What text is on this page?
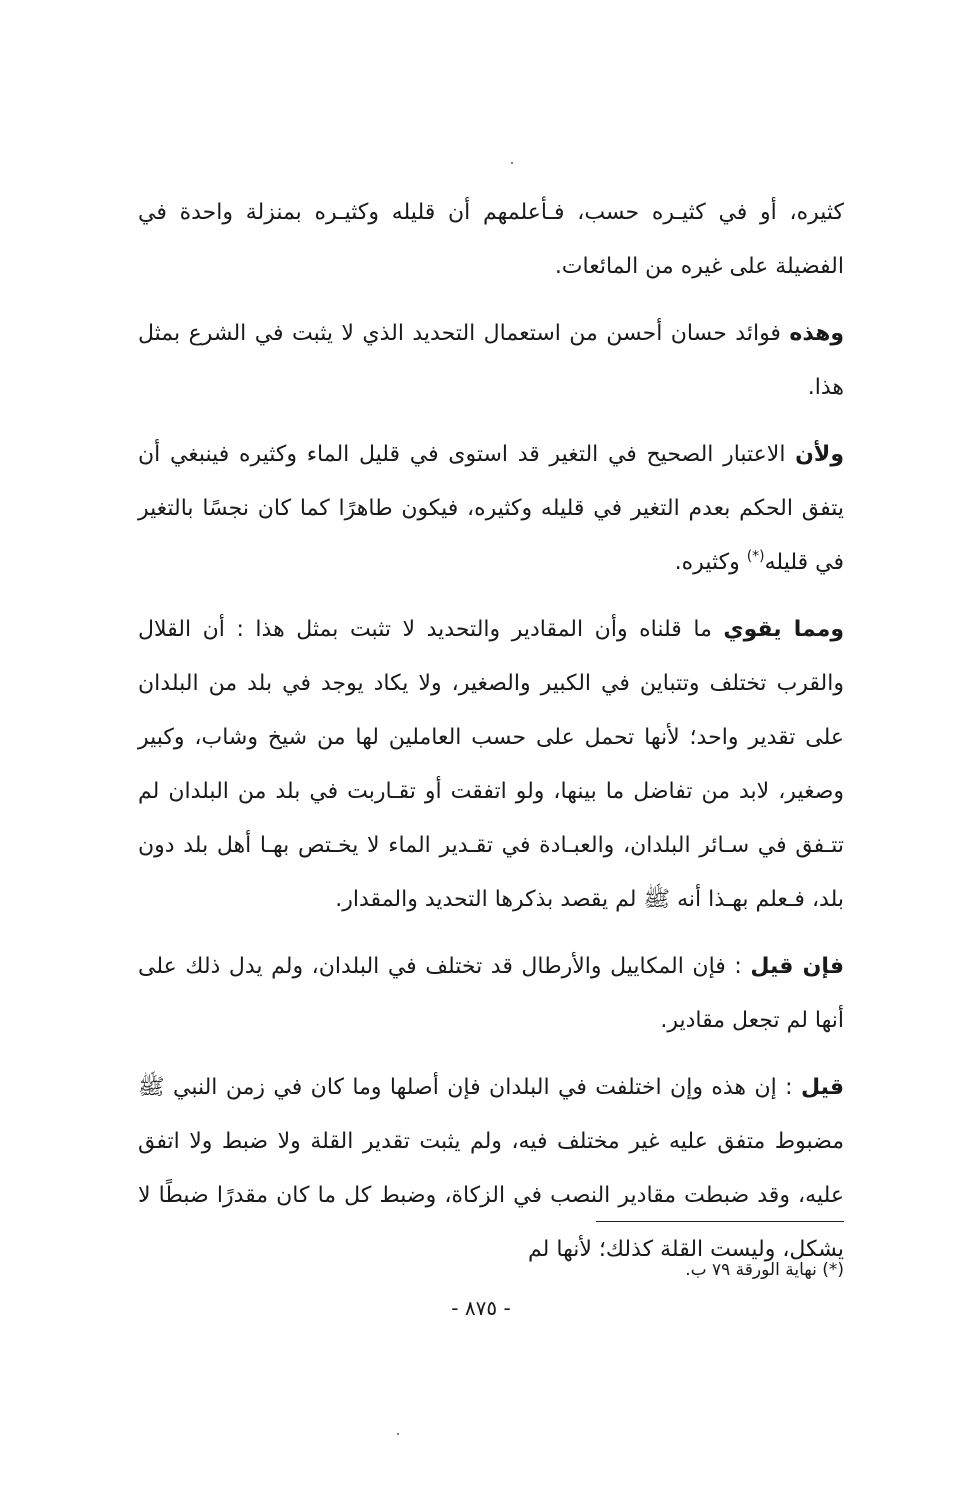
كثيره، أو في كثيـره حسب، فـأعلمهم أن قليله وكثيـره بمنزلة واحدة في الفضيلة على غيره من المائعات.

وهذه فوائد حسان أحسن من استعمال التحديد الذي لا يثبت في الشرع بمثل هذا.

ولأن الاعتبار الصحيح في التغير قد استوى في قليل الماء وكثيره فينبغي أن يتفق الحكم بعدم التغير في قليله وكثيره، فيكون طاهرًا كما كان نجسًا بالتغير في قليله(*) وكثيره.

ومما يقوي ما قلناه وأن المقادير والتحديد لا تثبت بمثل هذا : أن القلال والقرب تختلف وتتباين في الكبير والصغير، ولا يكاد يوجد في بلد من البلدان على تقدير واحد؛ لأنها تحمل على حسب العاملين لها من شيخ وشاب، وكبير وصغير، لابد من تفاضل ما بينها، ولو اتفقت أو تقـاربت في بلد من البلدان لم تتـفق في سـائر البلدان، والعبـادة في تقـدير الماء لا يخـتص بهـا أهل بلد دون بلد، فـعلم بهـذا أنه ﷺ لم يقصد بذكرها التحديد والمقدار.

فإن قيل : فإن المكاييل والأرطال قد تختلف في البلدان، ولم يدل ذلك على أنها لم تجعل مقادير.

قيل : إن هذه وإن اختلفت في البلدان فإن أصلها وما كان في زمن النبي ﷺ مضبوط متفق عليه غير مختلف فيه، ولم يثبت تقدير القلة ولا ضبط ولا اتفق عليه، وقد ضبطت مقادير النصب في الزكاة، وضبط كل ما كان مقدرًا ضبطًا لا يشكل، وليست القلة كذلك؛ لأنها لم

(*) نهاية الورقة ٧٩ ب.
- ٨٧٥ -
